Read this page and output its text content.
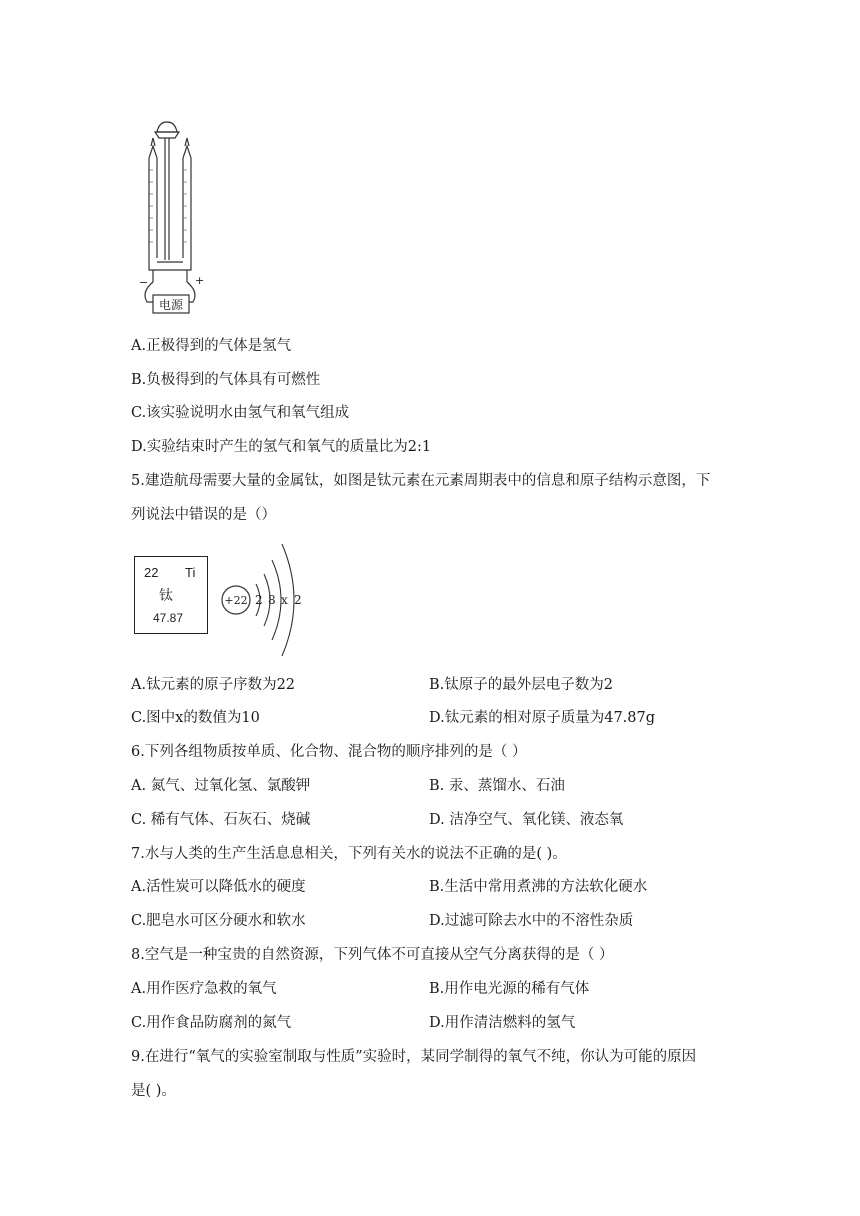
电源
−	+
A.正极得到的气体是氢气
B.负极得到的气体具有可燃性
C.该实验说明水由氢气和氧气组成
D.实验结束时产生的氢气和氧气的质量比为2:1
5.建造航母需要大量的金属钛，如图是钛元素在元素周期表中的信息和原子结构示意图，下
列说法中错误的是（）
22 Ti
钛
47.87
+22 2 8 x 2
A.钛元素的原子序数为22	B.钛原子的最外层电子数为2
C.图中x的数值为10	D.钛元素的相对原子质量为47.87g
6.下列各组物质按单质、化合物、混合物的顺序排列的是（ ）
A. 氮气、过氧化氢、氯酸钾	B. 汞、蒸馏水、石油
C. 稀有气体、石灰石、烧碱	D. 洁净空气、氧化镁、液态氧
7.水与人类的生产生活息息相关，下列有关水的说法不正确的是( )。
A.活性炭可以降低水的硬度	B.生活中常用煮沸的方法软化硬水
C.肥皂水可区分硬水和软水	D.过滤可除去水中的不溶性杂质
8.空气是一种宝贵的自然资源，下列气体不可直接从空气分离获得的是（ ）
A.用作医疗急救的氧气	B.用作电光源的稀有气体
C.用作食品防腐剂的氮气	D.用作清洁燃料的氢气
9.在进行“氧气的实验室制取与性质”实验时，某同学制得的氧气不纯，你认为可能的原因
是( )。
